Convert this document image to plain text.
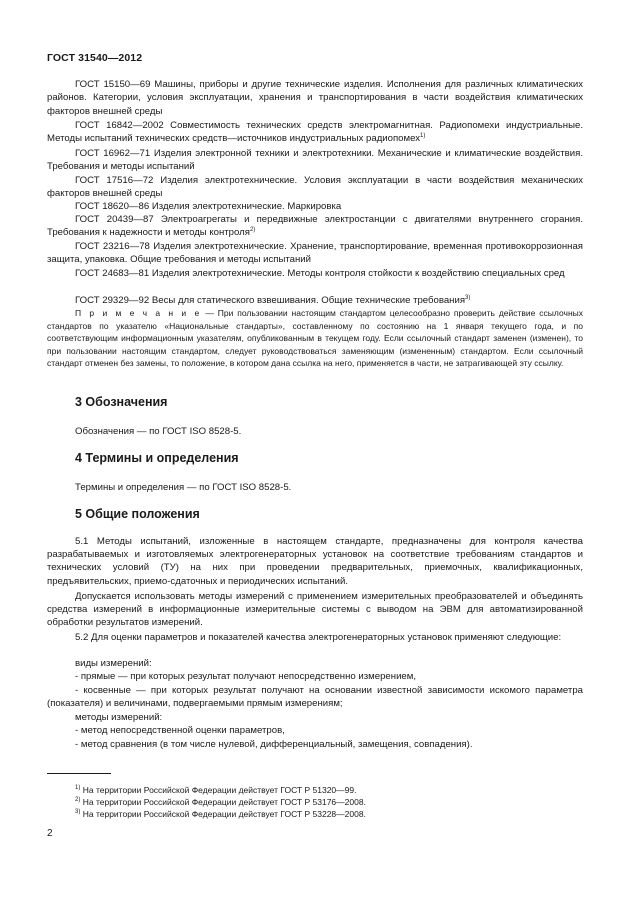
ГОСТ 31540—2012
ГОСТ 15150—69 Машины, приборы и другие технические изделия. Исполнения для различных климатических районов. Категории, условия эксплуатации, хранения и транспортирования в части воздействия климатических факторов внешней среды
ГОСТ 16842—2002 Совместимость технических средств электромагнитная. Радиопомехи индустриальные. Методы испытаний технических средств—источников индустриальных радиопомех$^{1)}$
ГОСТ 16962—71 Изделия электронной техники и электротехники. Механические и климатические воздействия. Требования и методы испытаний
ГОСТ 17516—72 Изделия электротехнические. Условия эксплуатации в части воздействия механических факторов внешней среды
ГОСТ 18620—86 Изделия электротехнические. Маркировка
ГОСТ 20439—87 Электроагрегаты и передвижные электростанции с двигателями внутреннего сгорания. Требования к надежности и методы контроля$^{2)}$
ГОСТ 23216—78 Изделия электротехнические. Хранение, транспортирование, временная противокоррозионная защита, упаковка. Общие требования и методы испытаний
ГОСТ 24683—81 Изделия электротехнические. Методы контроля стойкости к воздействию специальных сред
ГОСТ 29329—92 Весы для статического взвешивания. Общие технические требования$^{3)}$
П р и м е ч а н и е — При пользовании настоящим стандартом целесообразно проверить действие ссылочных стандартов по указателю «Национальные стандарты», составленному по состоянию на 1 января текущего года, и по соответствующим информационным указателям, опубликованным в текущем году. Если ссылочный стандарт заменен (изменен), то при пользовании настоящим стандартом, следует руководствоваться заменяющим (измененным) стандартом. Если ссылочный стандарт отменен без замены, то положение, в котором дана ссылка на него, применяется в части, не затрагивающей эту ссылку.
3 Обозначения
Обозначения — по ГОСТ ISO 8528-5.
4 Термины и определения
Термины и определения — по ГОСТ ISO 8528-5.
5 Общие положения
5.1 Методы испытаний, изложенные в настоящем стандарте, предназначены для контроля качества разрабатываемых и изготовляемых электрогенераторных установок на соответствие требованиям стандартов и технических условий (ТУ) на них при проведении предварительных, приемочных, квалификационных, предъявительских, приемо-сдаточных и периодических испытаний.
Допускается использовать методы измерений с применением измерительных преобразователей и объединять средства измерений в информационные измерительные системы с выводом на ЭВМ для автоматизированной обработки результатов измерений.
5.2 Для оценки параметров и показателей качества электрогенераторных установок применяют следующие:
виды измерений:
- прямые — при которых результат получают непосредственно измерением,
- косвенные — при которых результат получают на основании известной зависимости искомого параметра (показателя) и величинами, подвергаемыми прямым измерениям;
методы измерений:
- метод непосредственной оценки параметров,
- метод сравнения (в том числе нулевой, дифференциальный, замещения, совпадения).
$^{1)}$ На территории Российской Федерации действует ГОСТ Р 51320—99.
$^{2)}$ На территории Российской Федерации действует ГОСТ Р 53176—2008.
$^{3)}$ На территории Российской Федерации действует ГОСТ Р 53228—2008.
2
